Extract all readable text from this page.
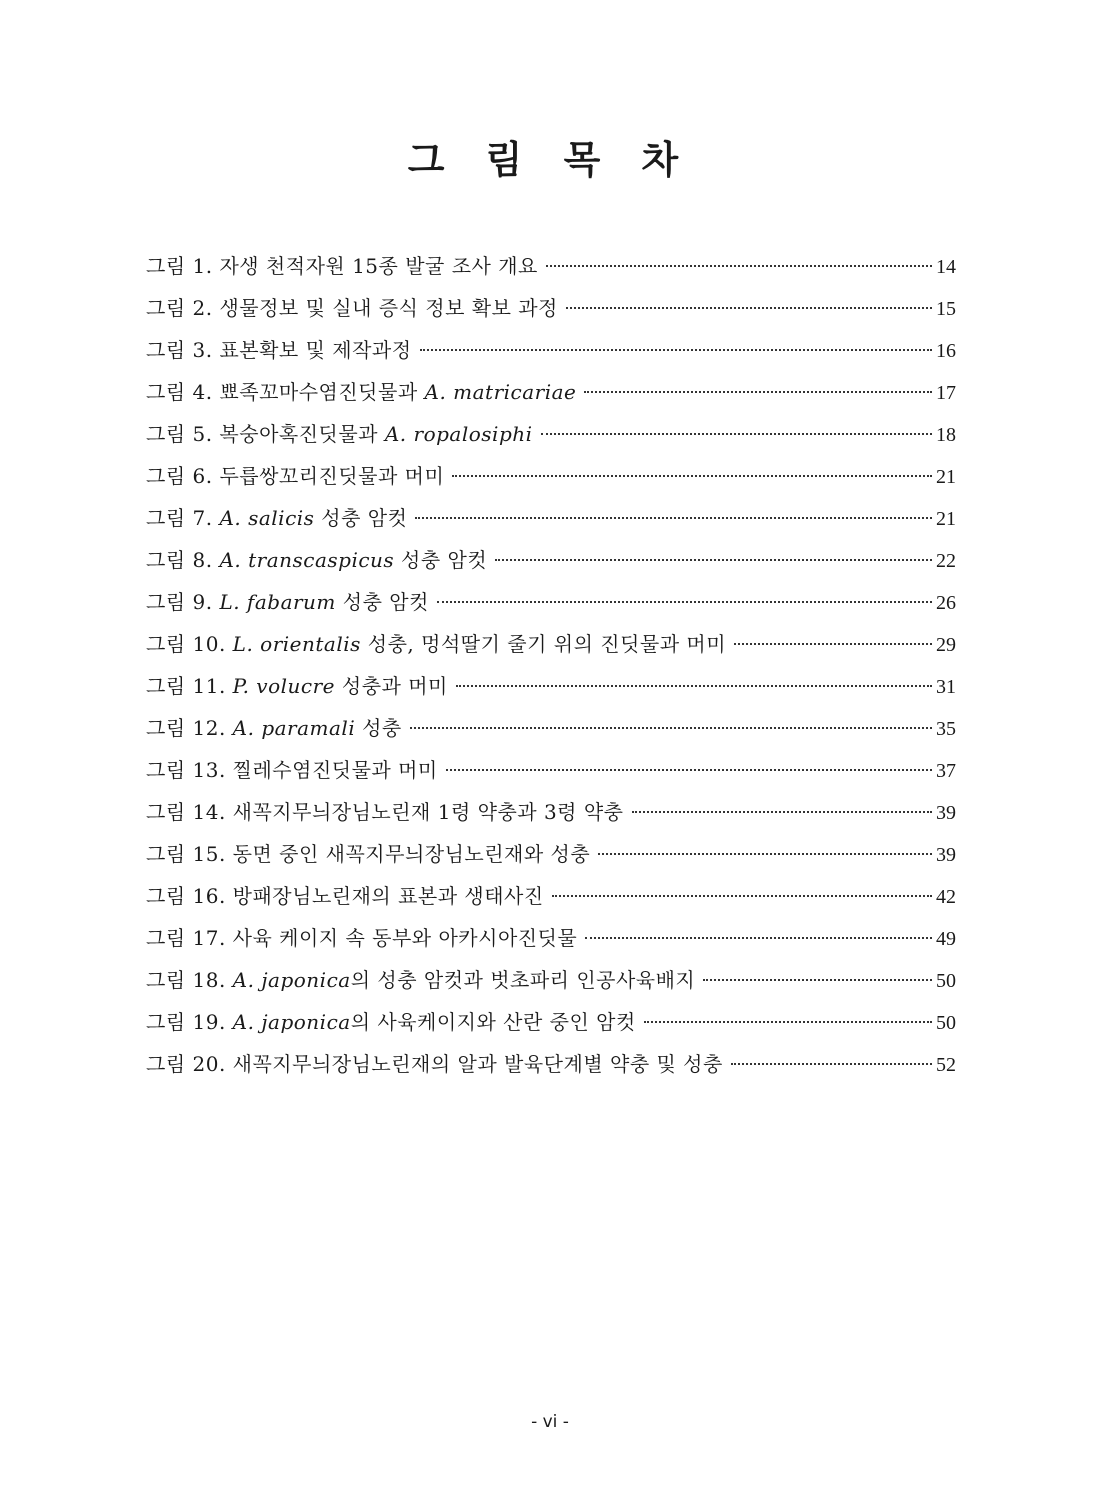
그 림 목 차
그림 1. 자생 천적자원 15종 발굴 조사 개요	14
그림 2. 생물정보 및 실내 증식 정보 확보 과정	15
그림 3. 표본확보 및 제작과정	16
그림 4. 뾰족꼬마수염진딧물과 A. matricariae	17
그림 5. 복숭아혹진딧물과 A. ropalosiphi	18
그림 6. 두릅쌍꼬리진딧물과 머미	21
그림 7. A. salicis 성충 암컷	21
그림 8. A. transcaspicus 성충 암컷	22
그림 9. L. fabarum 성충 암컷	26
그림 10. L. orientalis 성충, 멍석딸기 줄기 위의 진딧물과 머미	29
그림 11. P. volucre 성충과 머미	31
그림 12. A. paramali 성충	35
그림 13. 찔레수염진딧물과 머미	37
그림 14. 새꼭지무늬장님노린재 1령 약충과 3령 약충	39
그림 15. 동면 중인 새꼭지무늬장님노린재와 성충	39
그림 16. 방패장님노린재의 표본과 생태사진	42
그림 17. 사육 케이지 속 동부와 아카시아진딧물	49
그림 18. A. japonica의 성충 암컷과 벗초파리 인공사육배지	50
그림 19. A. japonica의 사육케이지와 산란 중인 암컷	50
그림 20. 새꼭지무늬장님노린재의 알과 발육단계별 약충 및 성충	52
- vi -
